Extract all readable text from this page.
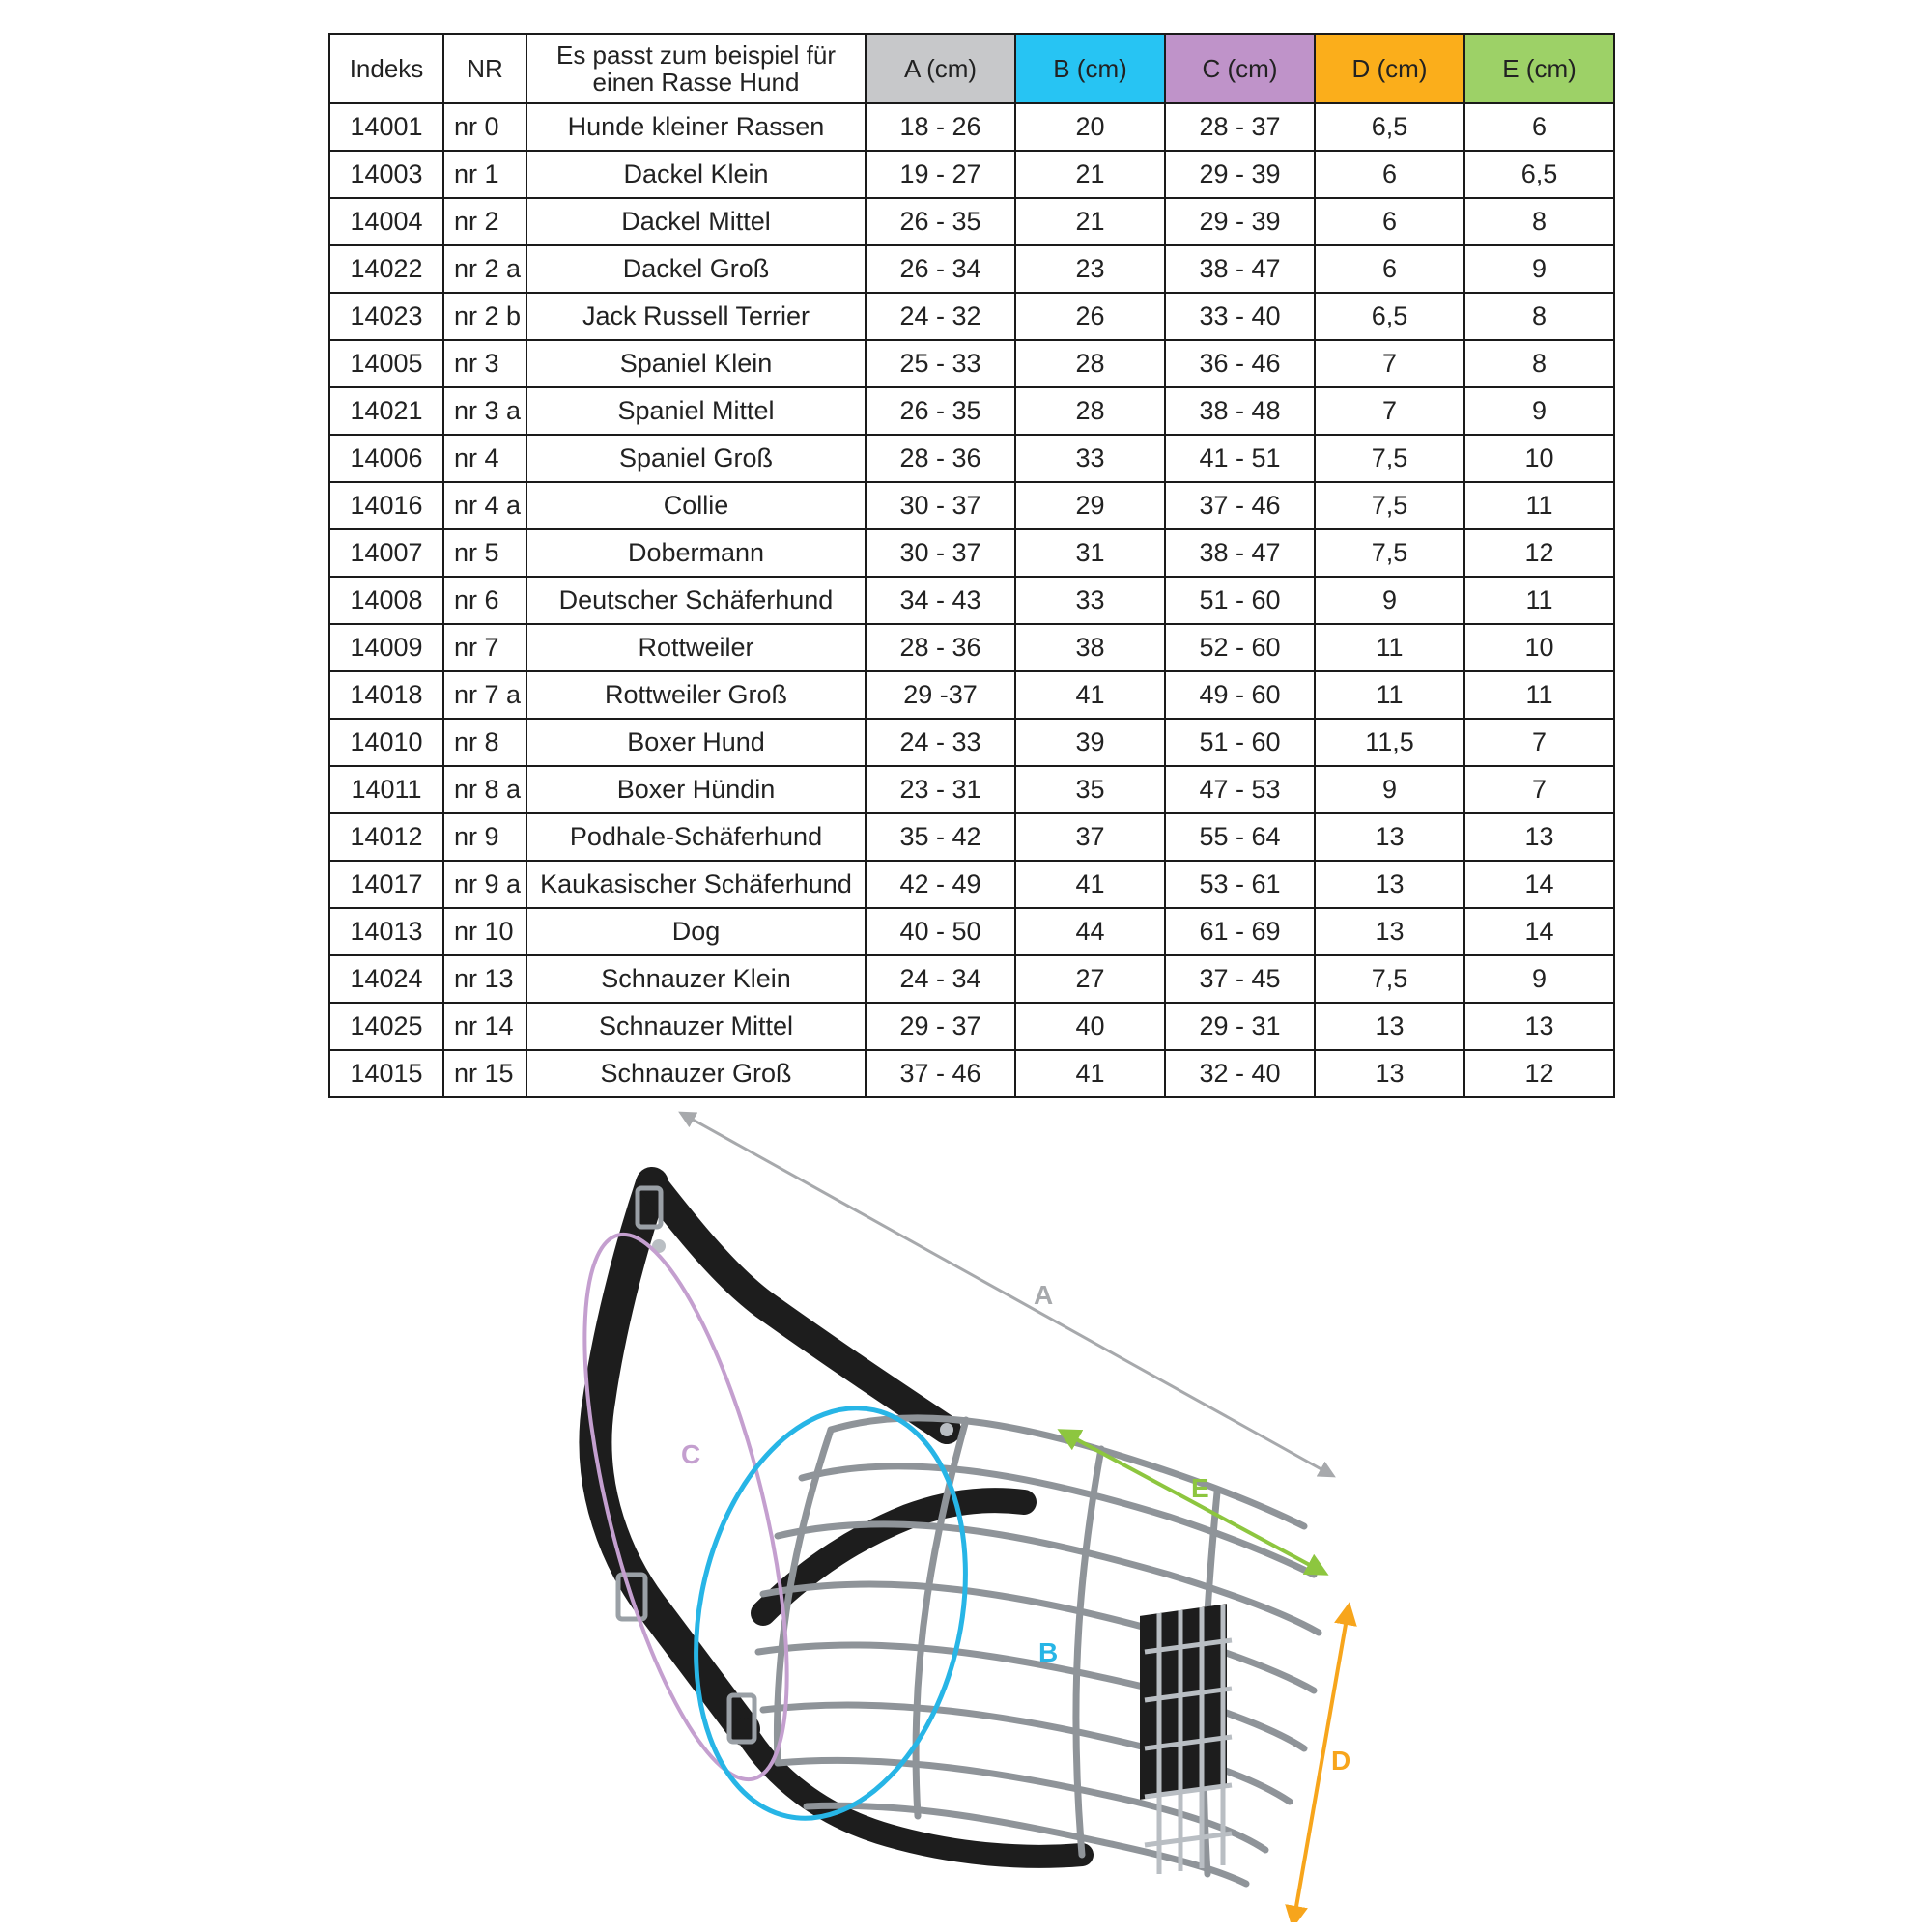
Indeks	NR	Es passt zum beispiel für
einen Rasse Hund	A (cm)	B (cm)	C (cm)	D (cm)	E (cm)
14001	nr 0	Hunde kleiner Rassen	18 - 26	20	28 - 37	6,5	6
14003	nr 1	Dackel Klein	19 - 27	21	29 - 39	6	6,5
14004	nr 2	Dackel Mittel	26 - 35	21	29 - 39	6	8
14022	nr 2 a	Dackel Groß	26 - 34	23	38 - 47	6	9
14023	nr 2 b	Jack Russell Terrier	24 - 32	26	33 - 40	6,5	8
14005	nr 3	Spaniel Klein	25 - 33	28	36 - 46	7	8
14021	nr 3 a	Spaniel Mittel	26 - 35	28	38 - 48	7	9
14006	nr 4	Spaniel Groß	28 - 36	33	41 - 51	7,5	10
14016	nr 4 a	Collie	30 - 37	29	37 - 46	7,5	11
14007	nr 5	Dobermann	30 - 37	31	38 - 47	7,5	12
14008	nr 6	Deutscher Schäferhund	34 - 43	33	51 - 60	9	11
14009	nr 7	Rottweiler	28 - 36	38	52 - 60	11	10
14018	nr 7 a	Rottweiler Groß	29 -37	41	49 - 60	11	11
14010	nr 8	Boxer Hund	24 - 33	39	51 - 60	11,5	7
14011	nr 8 a	Boxer Hündin	23 - 31	35	47 - 53	9	7
14012	nr 9	Podhale-Schäferhund	35 - 42	37	55 - 64	13	13
14017	nr 9 a	Kaukasischer Schäferhund	42 - 49	41	53 - 61	13	14
14013	nr 10	Dog	40 - 50	44	61 - 69	13	14
14024	nr 13	Schnauzer Klein	24 - 34	27	37 - 45	7,5	9
14025	nr 14	Schnauzer Mittel	29 - 37	40	29 - 31	13	13
14015	nr 15	Schnauzer Groß	37 - 46	41	32 - 40	13	12
C
B
A
E
D
